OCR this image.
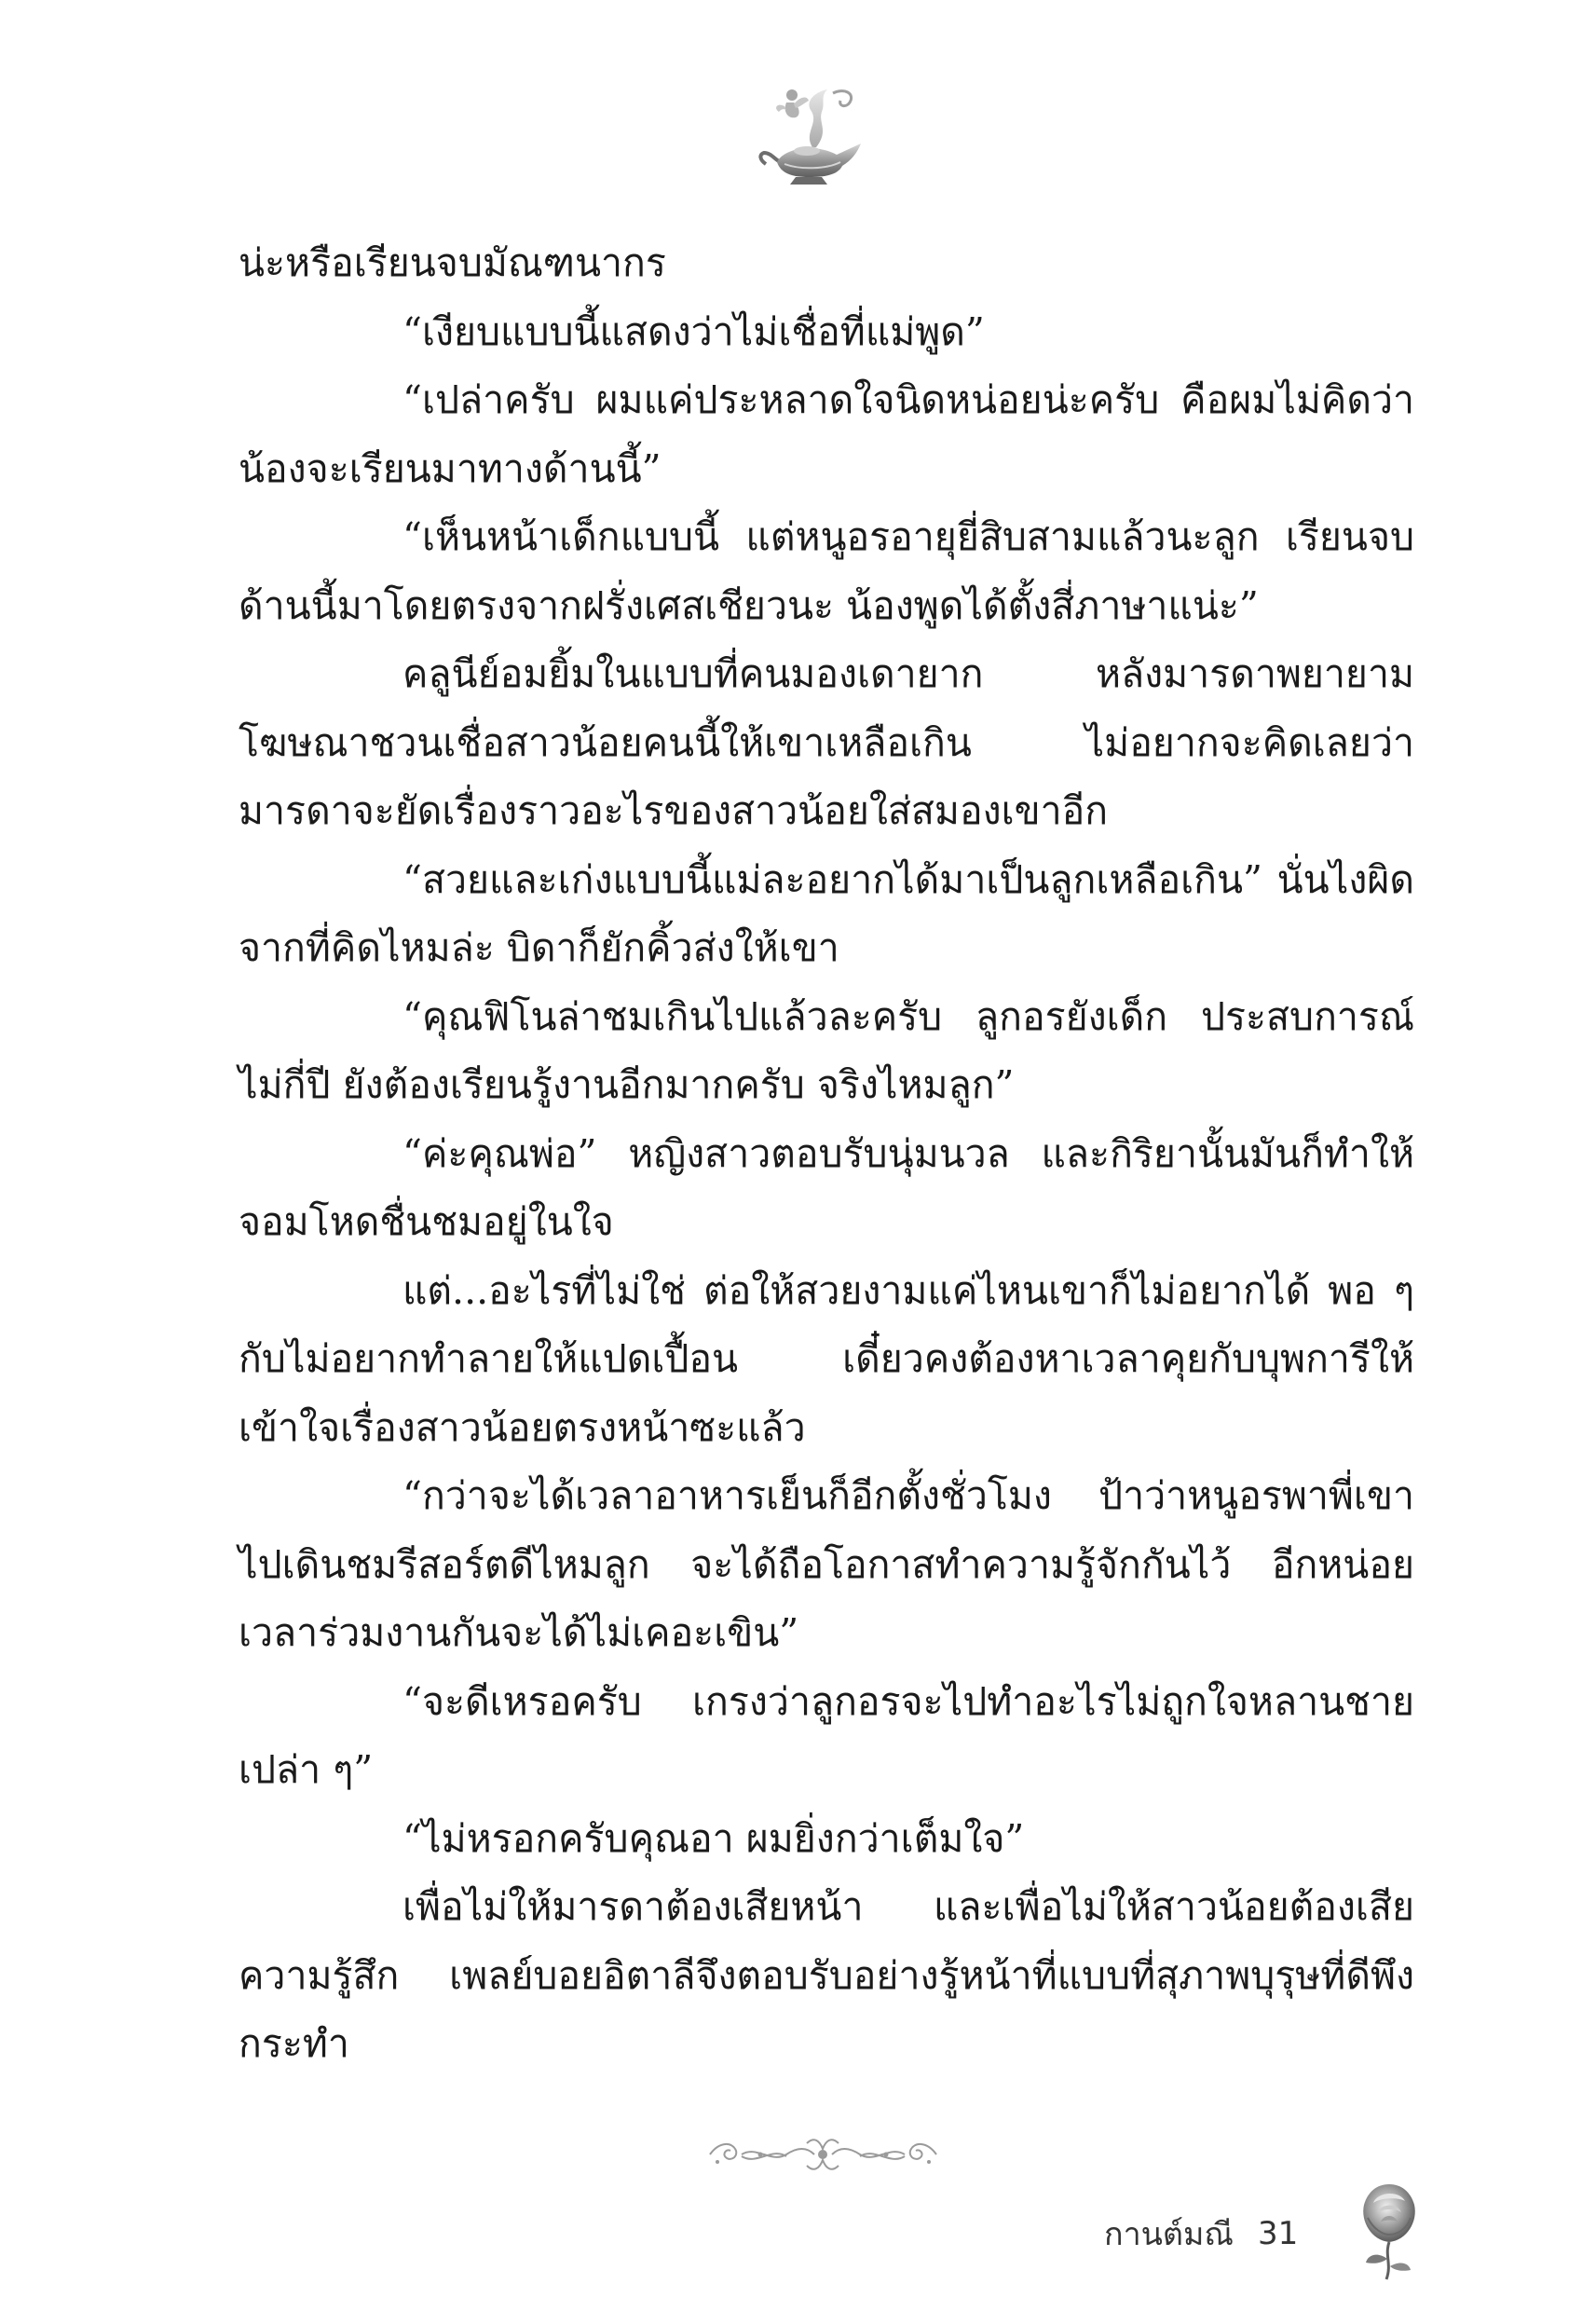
น่ะหรือเรียนจบมัณฑนากร

“เงียบแบบนี้แสดงว่าไม่เชื่อที่แม่พูด”

“เปล่าครับ ผมแค่ประหลาดใจนิดหน่อยน่ะครับ คือผมไม่คิดว่าน้องจะเรียนมาทางด้านนี้”

“เห็นหน้าเด็กแบบนี้ แต่หนูอรอายุยี่สิบสามแล้วนะลูก เรียนจบด้านนี้มาโดยตรงจากฝรั่งเศสเชียวนะ น้องพูดได้ตั้งสี่ภาษาแน่ะ”

คลูนีย์อมยิ้มในแบบที่คนมองเดายาก หลังมารดาพยายามโฆษณาชวนเชื่อสาวน้อยคนนี้ให้เขาเหลือเกิน ไม่อยากจะคิดเลยว่ามารดาจะยัดเรื่องราวอะไรของสาวน้อยใส่สมองเขาอีก

“สวยและเก่งแบบนี้แม่ละอยากได้มาเป็นลูกเหลือเกิน” นั่นไงผิดจากที่คิดไหมล่ะ บิดาก็ยักคิ้วส่งให้เขา

“คุณฟิโนล่าชมเกินไปแล้วละครับ ลูกอรยังเด็ก ประสบการณ์ไม่กี่ปี ยังต้องเรียนรู้งานอีกมากครับ จริงไหมลูก”

“ค่ะคุณพ่อ” หญิงสาวตอบรับนุ่มนวล และกิริยานั้นมันก็ทำให้จอมโหดชื่นชมอยู่ในใจ

แต่...อะไรที่ไม่ใช่ ต่อให้สวยงามแค่ไหนเขาก็ไม่อยากได้ พอ ๆ กับไม่อยากทำลายให้แปดเปื้อน เดี๋ยวคงต้องหาเวลาคุยกับบุพการีให้เข้าใจเรื่องสาวน้อยตรงหน้าซะแล้ว

“กว่าจะได้เวลาอาหารเย็นก็อีกตั้งชั่วโมง ป้าว่าหนูอรพาพี่เขาไปเดินชมรีสอร์ตดีไหมลูก จะได้ถือโอกาสทำความรู้จักกันไว้ อีกหน่อยเวลาร่วมงานกันจะได้ไม่เคอะเขิน”

“จะดีเหรอครับ เกรงว่าลูกอรจะไปทำอะไรไม่ถูกใจหลานชายเปล่า ๆ”

“ไม่หรอกครับคุณอา ผมยิ่งกว่าเต็มใจ”

เพื่อไม่ให้มารดาต้องเสียหน้า และเพื่อไม่ให้สาวน้อยต้องเสียความรู้สึก เพลย์บอยอิตาลีจึงตอบรับอย่างรู้หน้าที่แบบที่สุภาพบุรุษที่ดีพึงกระทำ

กานต์มณี 31
